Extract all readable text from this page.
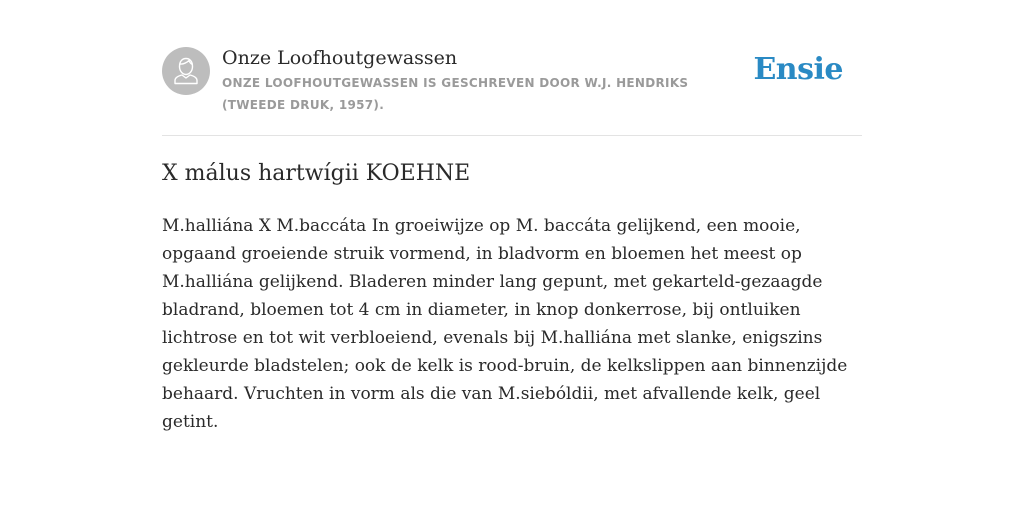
Onze Loofhoutgewassen

ONZE LOOFHOUTGEWASSEN IS GESCHREVEN DOOR W.J. HENDRIKS (TWEEDE DRUK, 1957).

Ensie
X málus hartwígii KOEHNE

M.halliána X M.baccáta In groeiwijze op M. baccáta gelijkend, een mooie, opgaand groeiende struik vormend, in bladvorm en bloemen het meest op M.halliána gelijkend. Bladeren minder lang gepunt, met gekarteld-gezaagde bladrand, bloemen tot 4 cm in diameter, in knop donkerrose, bij ontluiken lichtrose en tot wit verbloeiend, evenals bij M.halliána met slanke, enigszins gekleurde bladstelen; ook de kelk is rood-bruin, de kelkslippen aan binnenzijde behaard. Vruchten in vorm als die van M.siebóldii, met afvallende kelk, geel getint.
